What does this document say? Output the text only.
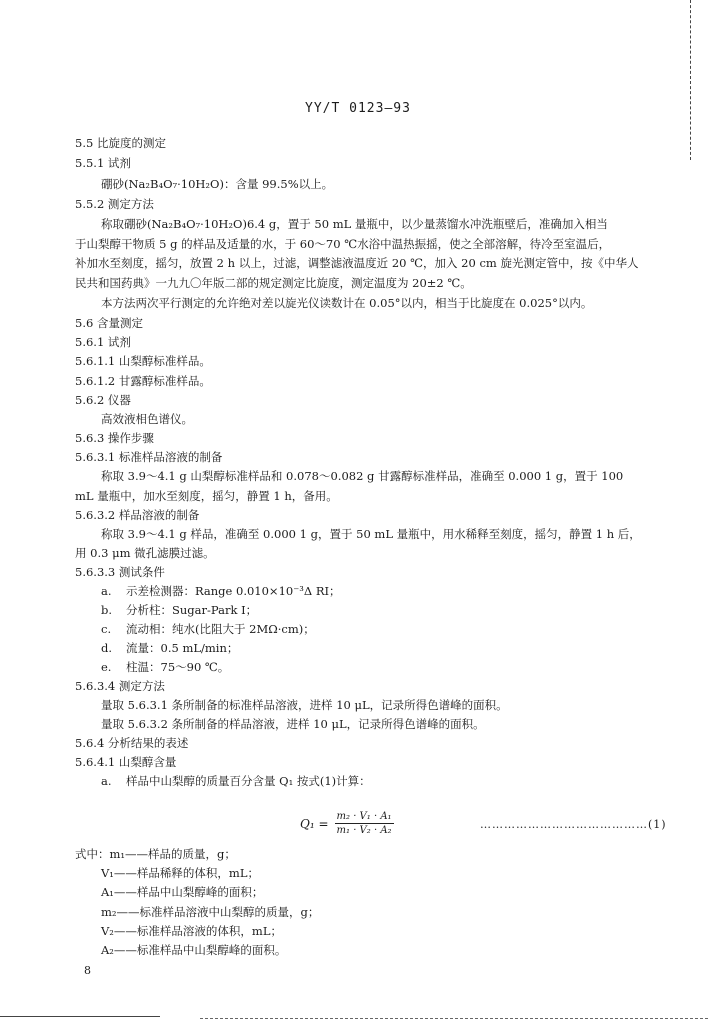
YY/T 0123—93
5.5 比旋度的测定
5.5.1 试剂
硼砂(Na₂B₄O₇·10H₂O)：含量 99.5%以上。
5.5.2 测定方法
称取硼砂(Na₂B₄O₇·10H₂O)6.4 g，置于 50 mL 量瓶中，以少量蒸馏水冲洗瓶壁后，准确加入相当
于山梨醇干物质 5 g 的样品及适量的水，于 60～70 ℃水浴中温热振摇，使之全部溶解，待冷至室温后，
补加水至刻度，摇匀，放置 2 h 以上，过滤，调整滤液温度近 20 ℃，加入 20 cm 旋光测定管中，按《中华人
民共和国药典》一九九〇年版二部的规定测定比旋度，测定温度为 20±2 ℃。
本方法两次平行测定的允许绝对差以旋光仪读数计在 0.05°以内，相当于比旋度在 0.025°以内。
5.6 含量测定
5.6.1 试剂
5.6.1.1 山梨醇标准样品。
5.6.1.2 甘露醇标准样品。
5.6.2 仪器
高效液相色谱仪。
5.6.3 操作步骤
5.6.3.1 标准样品溶液的制备
称取 3.9～4.1 g 山梨醇标准样品和 0.078～0.082 g 甘露醇标准样品，准确至 0.000 1 g，置于 100
mL 量瓶中，加水至刻度，摇匀，静置 1 h，备用。
5.6.3.2 样品溶液的制备
称取 3.9～4.1 g 样品，准确至 0.000 1 g，置于 50 mL 量瓶中，用水稀释至刻度，摇匀，静置 1 h 后，
用 0.3 μm 微孔滤膜过滤。
5.6.3.3 测试条件
a. 示差检测器：Range 0.010×10⁻³Δ RI；
b. 分析柱：Sugar-Park I；
c. 流动相：纯水(比阻大于 2MΩ·cm)；
d. 流量：0.5 mL/min；
e. 柱温：75～90 ℃。
5.6.3.4 测定方法
量取 5.6.3.1 条所制备的标准样品溶液，进样 10 μL，记录所得色谱峰的面积。
量取 5.6.3.2 条所制备的样品溶液，进样 10 μL，记录所得色谱峰的面积。
5.6.4 分析结果的表述
5.6.4.1 山梨醇含量
a. 样品中山梨醇的质量百分含量 Q₁ 按式(1)计算：
$Q_1 = \frac{\text{m₂ · V₁ · A₁}}{\text{m₁ · V₂ · A₂}}$	……………………………………(1)
式中：m₁——样品的质量，g；
V₁——样品稀释的体积，mL；
A₁——样品中山梨醇峰的面积；
m₂——标准样品溶液中山梨醇的质量，g；
V₂——标准样品溶液的体积，mL；
A₂——标准样品中山梨醇峰的面积。
8
